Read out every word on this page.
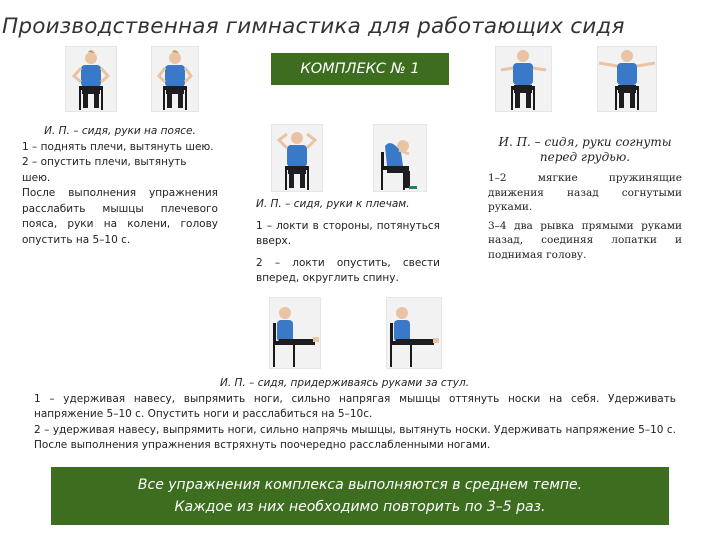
Производственная гимнастика для работающих сидя
КОМПЛЕКС № 1

И. П. – сидя, руки на поясе.

1 – поднять плечи, вытянуть шею.

2 – опустить плечи, вытянуть шею.

После выполнения упражнения расслабить мышцы плечевого пояса, руки на колени, голову опустить на 5–10 с.

И. П. – сидя, руки к плечам.

1 – локти в стороны, потянуться вверх.

2 – локти опустить, свести вперед, округлить спину.

И. П. – сидя, руки согнуты перед грудью.

1–2 мягкие пружинящие движения назад согнутыми руками.

3–4 два рывка прямыми руками назад, соединяя лопатки и поднимая голову.

И. П. – сидя, придерживаясь руками за стул.

1 – удерживая навесу, выпрямить ноги, сильно напрягая мышцы оттянуть носки на себя. Удерживать напряжение 5–10 с. Опустить ноги и расслабиться на 5–10с.

2 – удерживая навесу, выпрямить ноги, сильно напрячь мышцы, вытянуть носки. Удерживать напряжение 5–10 с. После выполнения упражнения встряхнуть поочередно расслабленными ногами.

Все упражнения комплекса выполняются в среднем темпе.
Каждое из них необходимо повторить по 3–5 раз.
